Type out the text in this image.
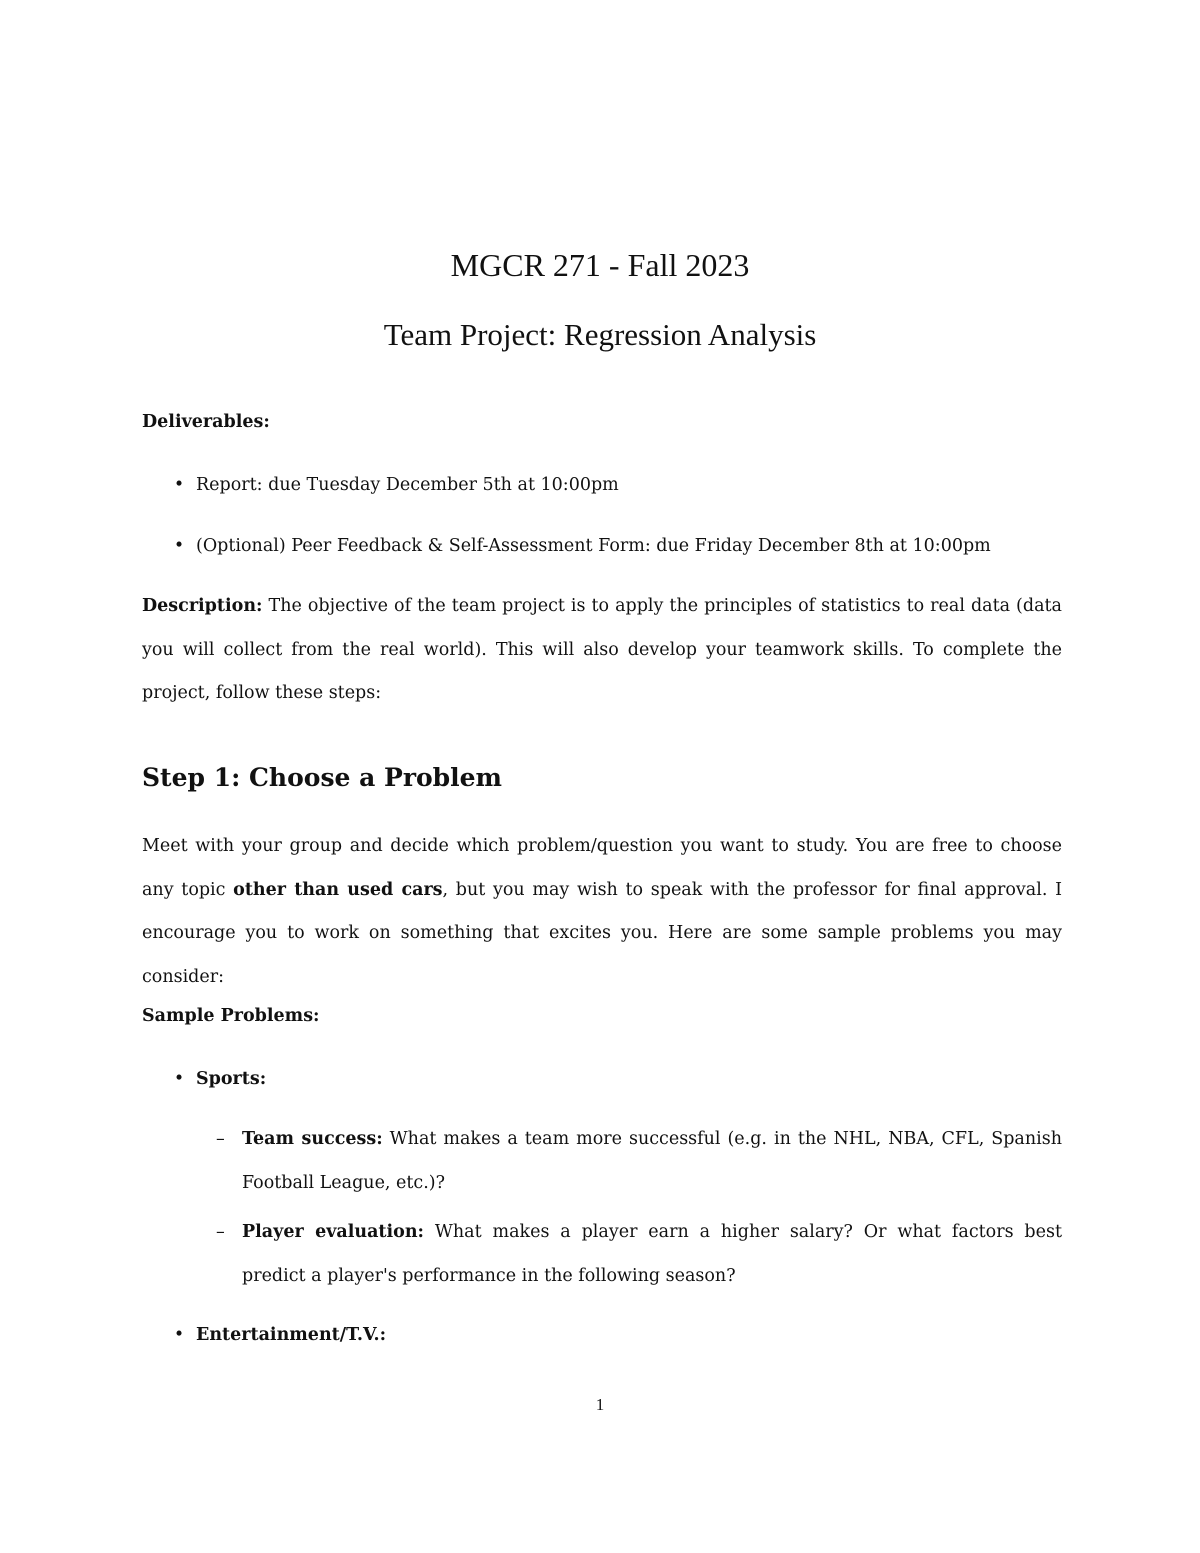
MGCR 271 - Fall 2023
Team Project: Regression Analysis
Deliverables:
• Report: due Tuesday December 5th at 10:00pm
• (Optional) Peer Feedback & Self-Assessment Form: due Friday December 8th at 10:00pm
Description: The objective of the team project is to apply the principles of statistics to real data (data you will collect from the real world). This will also develop your teamwork skills. To complete the project, follow these steps:
Step 1: Choose a Problem
Meet with your group and decide which problem/question you want to study. You are free to choose any topic other than used cars, but you may wish to speak with the professor for final approval. I encourage you to work on something that excites you. Here are some sample problems you may consider:
Sample Problems:
• Sports:
– Team success: What makes a team more successful (e.g. in the NHL, NBA, CFL, Spanish Football League, etc.)?
– Player evaluation: What makes a player earn a higher salary? Or what factors best predict a player's performance in the following season?
• Entertainment/T.V.:
1
